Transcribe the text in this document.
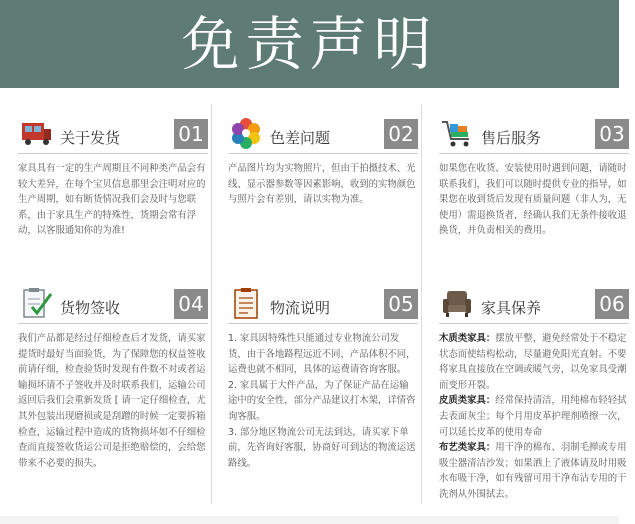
免责声明
关于发货	01
家具具有一定的生产周期且不同种类产品会有较大差异，在每个宝贝信息那里会注明对应的生产周期，如有断货情况我们会及时与您联系，由于家具生产的特殊性，货期会常有浮动，以客服通知你的为准!
色差问题	02
产品图片均为实物照片，但由于拍摄技术、光线、显示器参数等因素影响，收到的实物颜色与照片会有差别，请以实物为准。
售后服务	03
如果您在收货、安装使用时遇到问题，请随时联系我们，我们可以随时提供专业的指导，如果您在收到货后发现有质量问题（非人为，无使用）需退换货者，经确认我们无条件接收退换货，并负责相关的费用。
货物签收	04
我们产品都是经过仔细检查后才发货，请买家提货时最好当面验货，为了保障您的权益签收前请仔细，检查验货时发现有件数不对或者运输损坏请不子签收并及时联系我们，运输公司返回后我们会重新发货 [ 请一定仔细检查，尤其外包装出现磨损或是刮蹭的时候一定要拆箱检查，运输过程中造成的货物损坏如不仔细检查而直接签收货运公司是拒绝赔偿的，会给您带来不必要的损失。
物流说明	05

1. 家具因特殊性只能通过专业物流公司发货，由于各地路程远近不同，产品体积不同，运费也就不相同，具体的运费请咨询客服。

2. 家具属于大件产品，为了保证产品在运输途中的安全性，部分产品建议打木架，详情咨询客服。

3. 部分地区物流公司无法到达，请买家下单前，先咨询好客服，协商好可到达的物流运送路线。

家具保养	06

木质类家具：摆放平整，避免经常处于不稳定状态而使结构松动，尽量避免阳光直射。不要将家具直接放在空调或暖气旁，以免家具受潮而变形开裂。

皮质类家具：经常保持清洁，用纯棉布轻轻拭去表面灰尘；每个月用皮革护理剂喷擦一次，可以延长皮革的使用寿命

布艺类家具：用干净的棉布、羽制毛掸或专用吸尘器清洁沙发；如果洒上了液体请及时用吸水布吸干净，如有残留可用干净布沾专用的干洗剂从外围拭去。
